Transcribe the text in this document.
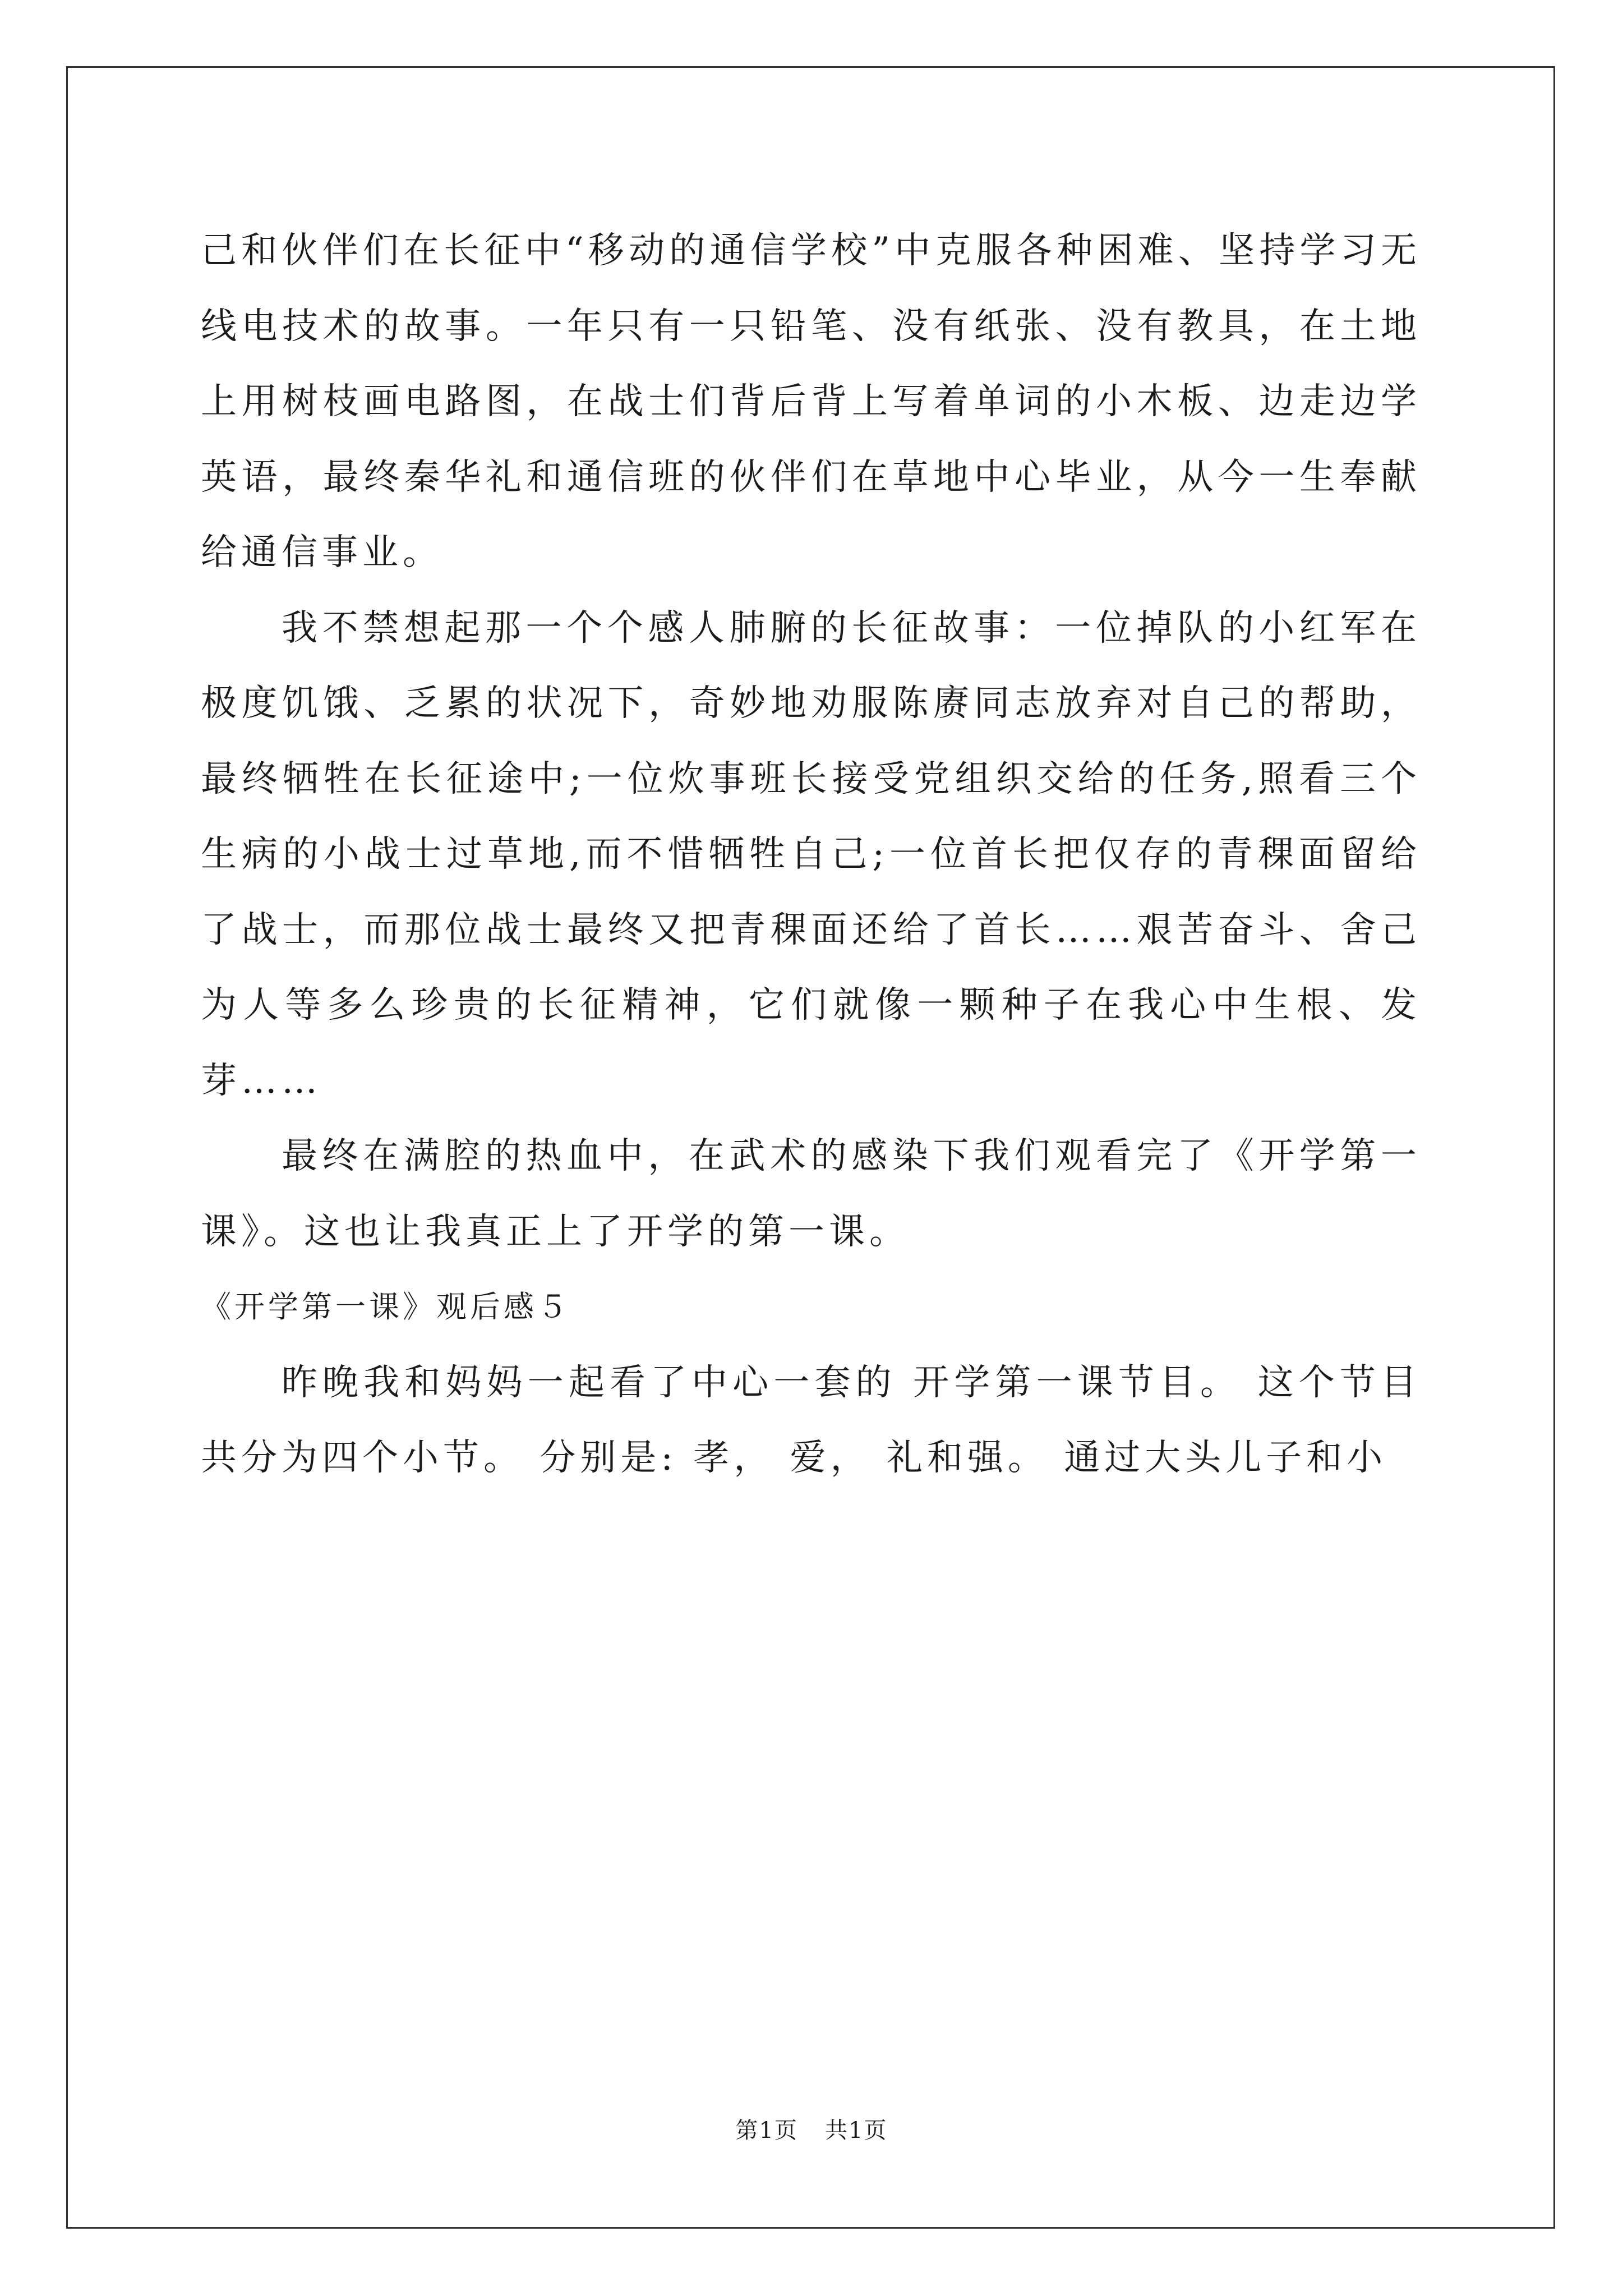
己和伙伴们在长征中“移动的通信学校”中克服各种困难、坚持学习无线电技术的故事。一年只有一只铅笔、没有纸张、没有教具，在土地上用树枝画电路图，在战士们背后背上写着单词的小木板、边走边学英语，最终秦华礼和通信班的伙伴们在草地中心毕业，从今一生奉献给通信事业。

我不禁想起那一个个感人肺腑的长征故事：一位掉队的小红军在极度饥饿、乏累的状况下，奇妙地劝服陈赓同志放弃对自己的帮助，最终牺牲在长征途中;一位炊事班长接受党组织交给的任务,照看三个生病的小战士过草地,而不惜牺牲自己;一位首长把仅存的青稞面留给了战士，而那位战士最终又把青稞面还给了首长……艰苦奋斗、舍己为人等多么珍贵的长征精神，它们就像一颗种子在我心中生根、发芽……

最终在满腔的热血中，在武术的感染下我们观看完了《开学第一课》。这也让我真正上了开学的第一课。

《开学第一课》观后感５

昨晚我和妈妈一起看了中心一套的 开学第一课节目。 这个节目共分为四个小节。 分别是: 孝， 爱， 礼和强。 通过大头儿子和小

第1页 共1页
